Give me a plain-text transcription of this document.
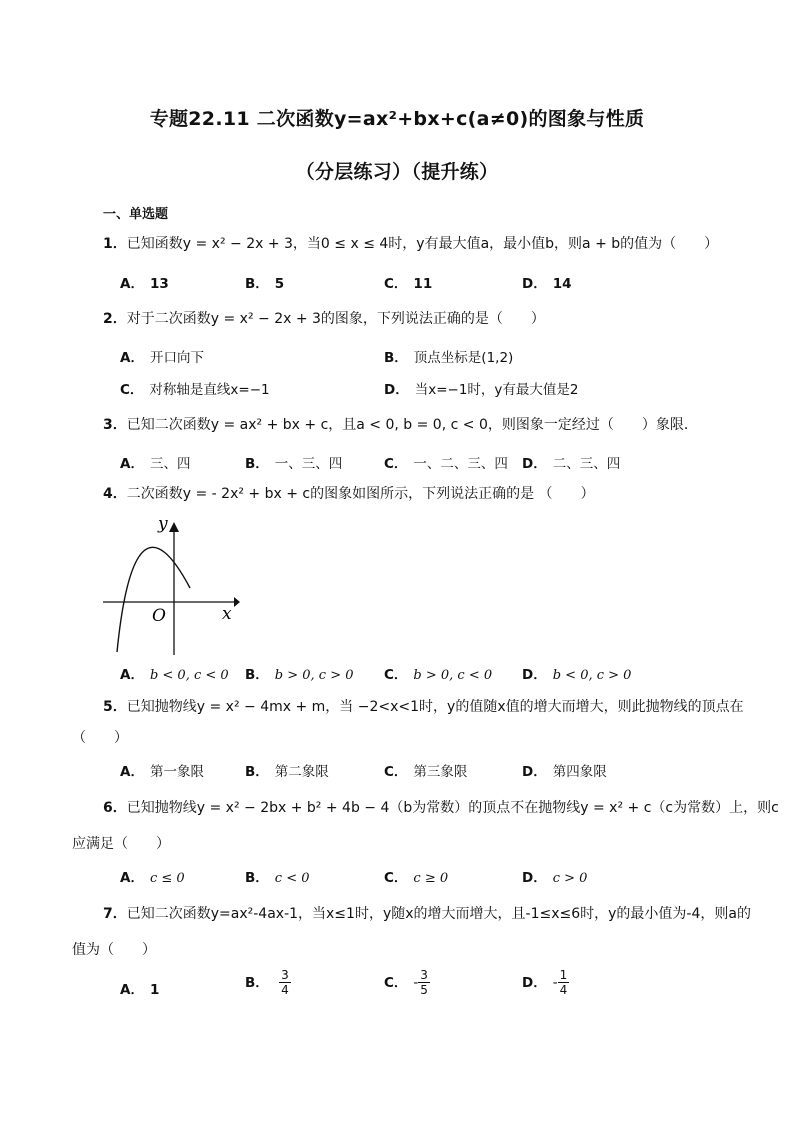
专题22.11 二次函数y=ax²+bx+c(a≠0)的图象与性质
（分层练习）（提升练）
一、单选题
1．已知函数y = x² − 2x + 3，当0 ≤ x ≤ 4时，y有最大值a，最小值b，则a + b的值为（　　）
A． 13	B． 5	C． 11	D． 14
2．对于二次函数y = x² − 2x + 3的图象，下列说法正确的是（　　）
A． 开口向下	B． 顶点坐标是(1,2)
C． 对称轴是直线x=−1	D． 当x=−1时，y有最大值是2
3．已知二次函数y = ax² + bx + c，且a < 0, b = 0, c < 0，则图象一定经过（　　）象限．
A． 三、四	B． 一、三、四	C． 一、二、三、四 D． 二、三、四
4．二次函数y = - 2x² + bx + c的图象如图所示，下列说法正确的是 （　　）
y
x
O
A． b < 0, c < 0 B． b > 0, c > 0 C． b > 0, c < 0 D． b < 0, c > 0
5．已知抛物线y = x² − 4mx + m，当 −2<x<1时，y的值随x值的增大而增大，则此抛物线的顶点在
（　　）
A． 第一象限	B． 第二象限	C． 第三象限	D． 第四象限
6．已知抛物线y = x² − 2bx + b² + 4b − 4（b为常数）的顶点不在抛物线y = x² + c（c为常数）上，则c
应满足（　　）
A． c ≤ 0	B． c < 0	C． c ≥ 0	D． c > 0
7．已知二次函数y=ax²-4ax-1，当x≤1时，y随x的增大而增大，且-1≤x≤6时，y的最小值为-4，则a的
值为（　　）
A． 1	B． $\frac{3}{4}$	C． - $\frac{3}{5}$	D． - $\frac{1}{4}$
